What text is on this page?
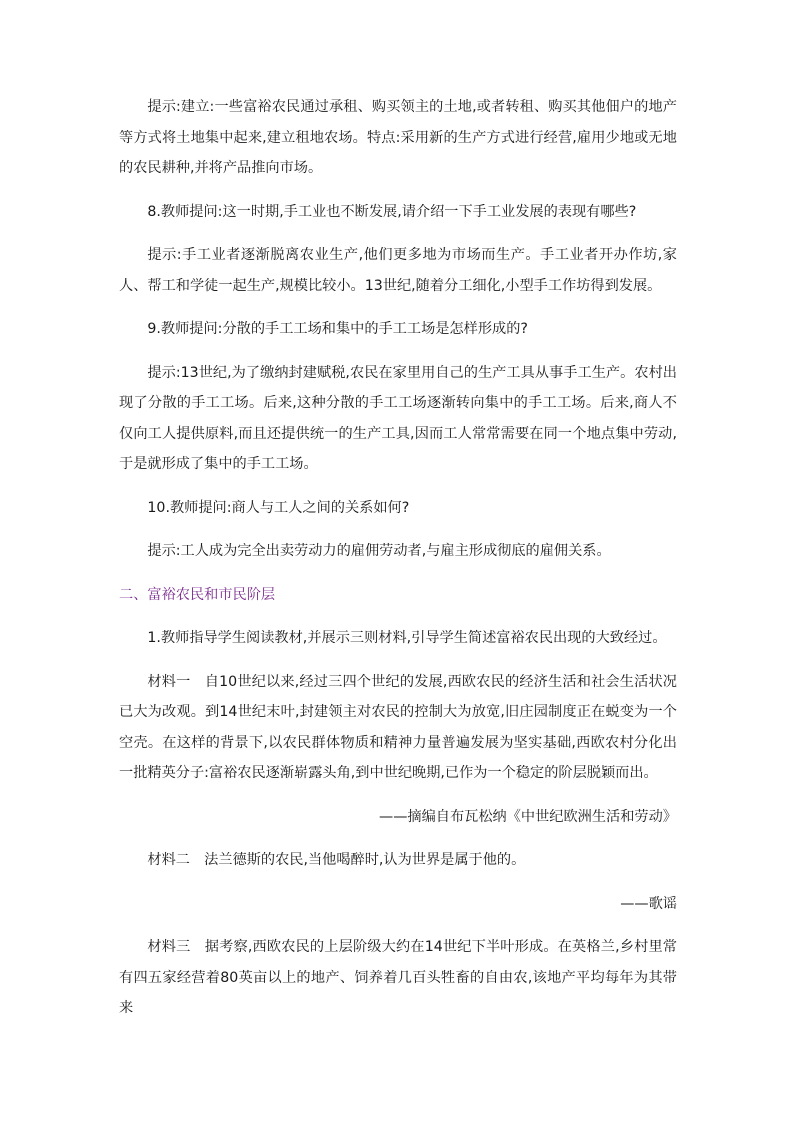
提示:建立:一些富裕农民通过承租、购买领主的土地,或者转租、购买其他佃户的地产等方式将土地集中起来,建立租地农场。特点:采用新的生产方式进行经营,雇用少地或无地的农民耕种,并将产品推向市场。

8.教师提问:这一时期,手工业也不断发展,请介绍一下手工业发展的表现有哪些?

提示:手工业者逐渐脱离农业生产,他们更多地为市场而生产。手工业者开办作坊,家人、帮工和学徒一起生产,规模比较小。13世纪,随着分工细化,小型手工作坊得到发展。

9.教师提问:分散的手工工场和集中的手工工场是怎样形成的?

提示:13世纪,为了缴纳封建赋税,农民在家里用自己的生产工具从事手工生产。农村出现了分散的手工工场。后来,这种分散的手工工场逐渐转向集中的手工工场。后来,商人不仅向工人提供原料,而且还提供统一的生产工具,因而工人常常需要在同一个地点集中劳动,于是就形成了集中的手工工场。

10.教师提问:商人与工人之间的关系如何?

提示:工人成为完全出卖劳动力的雇佣劳动者,与雇主形成彻底的雇佣关系。

二、富裕农民和市民阶层

1.教师指导学生阅读教材,并展示三则材料,引导学生简述富裕农民出现的大致经过。

材料一　自10世纪以来,经过三四个世纪的发展,西欧农民的经济生活和社会生活状况已大为改观。到14世纪末叶,封建领主对农民的控制大为放宽,旧庄园制度正在蜕变为一个空壳。在这样的背景下,以农民群体物质和精神力量普遍发展为坚实基础,西欧农村分化出一批精英分子:富裕农民逐渐崭露头角,到中世纪晚期,已作为一个稳定的阶层脱颖而出。

——摘编自布瓦松纳《中世纪欧洲生活和劳动》

材料二　法兰德斯的农民,当他喝醉时,认为世界是属于他的。

——歌谣

材料三　据考察,西欧农民的上层阶级大约在14世纪下半叶形成。在英格兰,乡村里常有四五家经营着80英亩以上的地产、饲养着几百头牲畜的自由农,该地产平均每年为其带来
